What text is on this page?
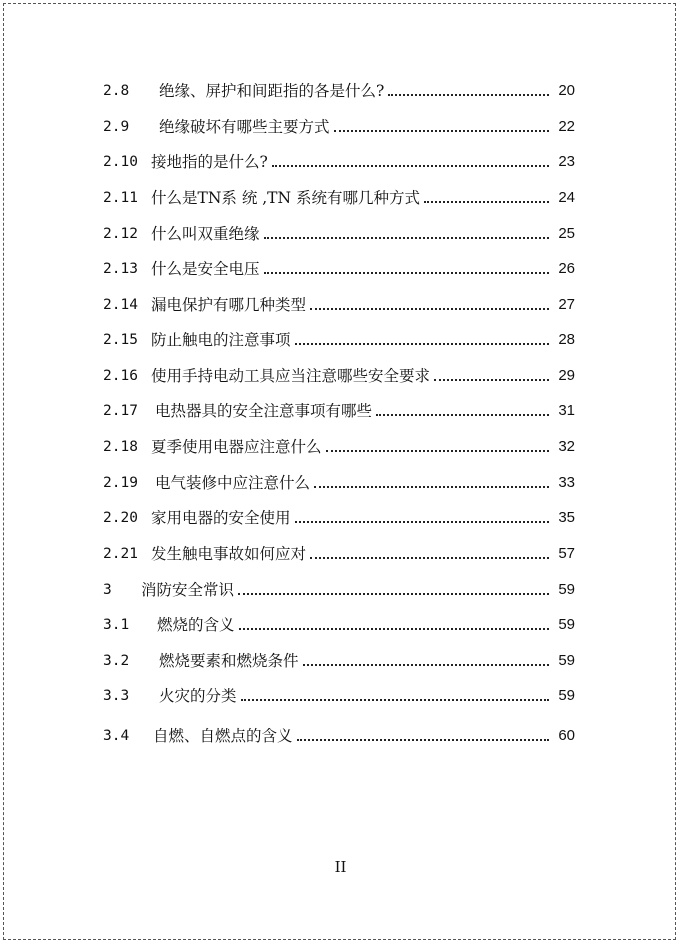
2.8	绝缘、屏护和间距指的各是什么?	20
2.9	绝缘破坏有哪些主要方式	22
2.10 接地指的是什么?	23
2.11 什么是TN系 统 ,TN 系统有哪几种方式	24
2.12 什么叫双重绝缘	25
2.13 什么是安全电压	26
2.14 漏电保护有哪几种类型	27
2.15 防止触电的注意事项	28
2.16 使用手持电动工具应当注意哪些安全要求	29
2.17	电热器具的安全注意事项有哪些	31
2.18 夏季使用电器应注意什么	32
2.19	电气装修中应注意什么	33
2.20 家用电器的安全使用	35
2.21 发生触电事故如何应对	57
3	消防安全常识	59
3.1	燃烧的含义	59
3.2	燃烧要素和燃烧条件	59
3.3	火灾的分类	59
3.4	自燃、自燃点的含义	60
II
